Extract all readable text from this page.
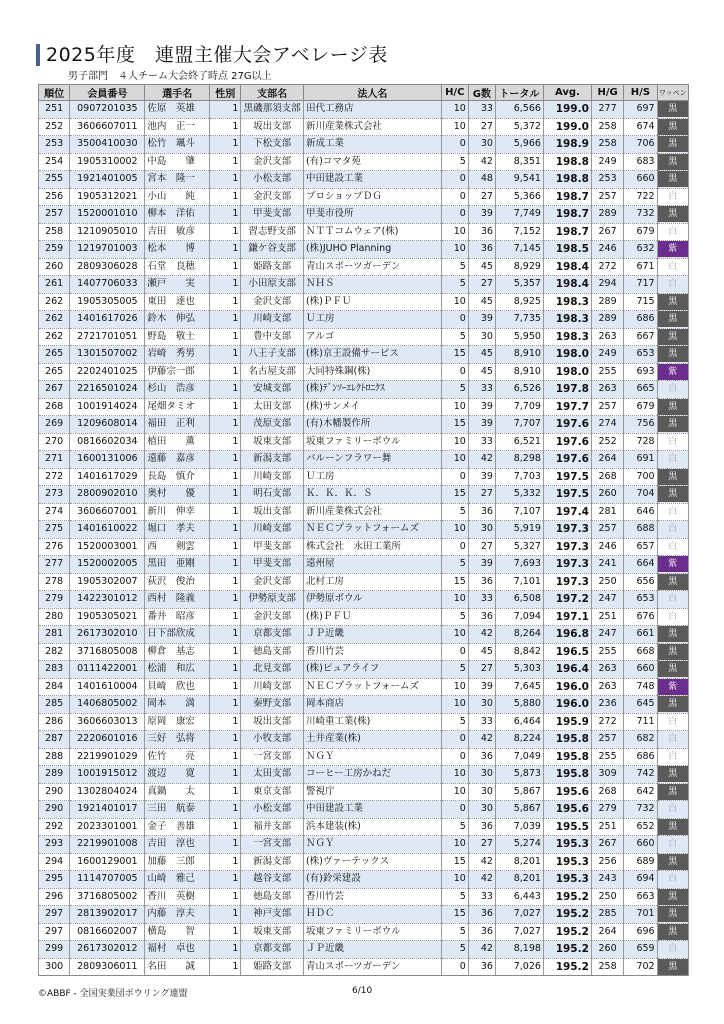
2025年度　連盟主催大会アベレージ表
男子部門　４人チーム大会終了時点 27G以上
順位	会員番号	選手名	性別	支部名	法人名	H/C	G数	トータル	Avg.	H/G	H/S	ワッペン
251	0907201035	佐原　英雄	1	黒磯那須支部	田代工務店	10	33	6,566	199.0	277	697	黒
252	3606607011	池内　正一	1	坂出支部	新川産業株式会社	10	27	5,372	199.0	258	674	黒
253	3500410030	松竹　颯斗	1	下松支部	新成工業	0	30	5,966	198.9	258	706	黒
254	1905310002	中島　　肇	1	金沢支部	(有)コマタ苑	5	42	8,351	198.8	249	683	黒
255	1921401005	宮本　隆一	1	小松支部	中田建設工業	0	48	9,541	198.8	253	660	黒
256	1905312021	小山　　純	1	金沢支部	プロショップＤＧ	0	27	5,366	198.7	257	722	白
257	1520001010	柳本　洋佑	1	甲斐支部	甲斐市役所	0	39	7,749	198.7	289	732	黒
258	1210905010	吉田　敏彦	1	習志野支部	ＮＴＴコムウェア(株)	10	36	7,152	198.7	267	679	白
259	1219701003	松本　　博	1	鎌ケ谷支部	(株)JUHO Planning	10	36	7,145	198.5	246	632	紫
260	2809306028	石堂　良穂	1	姫路支部	青山スポーツガーデン	5	45	8,929	198.4	272	671	白
261	1407706033	瀬戸　　実	1	小田原支部	ＮＨＳ	5	27	5,357	198.4	294	717	白
262	1905305005	東田　達也	1	金沢支部	(株)ＰＦＵ	10	45	8,925	198.3	289	715	黒
262	1401617026	鈴木　伸弘	1	川崎支部	Ｕ工房	0	39	7,735	198.3	289	686	黒
262	2721701051	野島　敬士	1	豊中支部	アルゴ	5	30	5,950	198.3	263	667	黒
265	1301507002	岩崎　秀男	1	八王子支部	(株)京王設備サービス	15	45	8,910	198.0	249	653	黒
265	2202401025	伊藤宗一郎	1	名古屋支部	大同特殊鋼(株)	0	45	8,910	198.0	255	693	紫
267	2216501024	杉山　浩彦	1	安城支部	(株)ﾃﾞﾝｿｰｴﾚｸﾄﾛﾆｸｽ	5	33	6,526	197.8	263	665	白
268	1001914024	尾畑タミオ	1	太田支部	(株)サンメイ	10	39	7,709	197.7	257	679	黒
269	1209608014	福田　正利	1	茂原支部	(有)木幡製作所	15	39	7,707	197.6	274	756	黒
270	0816602034	植田　　薫	1	坂東支部	坂東ファミリーボウル	10	33	6,521	197.6	252	728	白
271	1600131006	遠藤　嘉彦	1	新潟支部	バルーンフラワー舞	10	42	8,298	197.6	264	691	白
272	1401617029	長島　慎介	1	川崎支部	Ｕ工房	0	39	7,703	197.5	268	700	黒
273	2800902010	奥村　　優	1	明石支部	Ｋ．Ｋ．Ｋ．Ｓ	15	27	5,332	197.5	260	704	黒
274	3606607001	新川　伸幸	1	坂出支部	新川産業株式会社	5	36	7,107	197.4	281	646	白
275	1401610022	堀口　孝夫	1	川崎支部	ＮＥＣプラットフォームズ	10	30	5,919	197.3	257	688	白
276	1520003001	西　　剣雲	1	甲斐支部	株式会社　永田工業所	0	27	5,327	197.3	246	657	白
277	1520002005	黒田　亜剛	1	甲斐支部	遠州屋	5	39	7,693	197.3	241	664	紫
278	1905302007	荻沢　俊治	1	金沢支部	北村工房	15	36	7,101	197.3	250	656	黒
279	1422301012	西村　隆義	1	伊勢原支部	伊勢原ボウル	10	33	6,508	197.2	247	653	白
280	1905305021	番井　昭彦	1	金沢支部	(株)ＰＦＵ	5	36	7,094	197.1	251	676	白
281	2617302010	日下部欣成	1	京都支部	ＪＰ近畿	10	42	8,264	196.8	247	661	黒
282	3716805008	柳倉　基志	1	徳島支部	香川竹芸	0	45	8,842	196.5	255	668	黒
283	0111422001	松浦　和広	1	北見支部	(株)ピュアライフ	5	27	5,303	196.4	263	660	黒
284	1401610004	貝崎　欣也	1	川崎支部	ＮＥＣプラットフォームズ	10	39	7,645	196.0	263	748	紫
285	1406805002	岡本　　満	1	秦野支部	岡本商店	10	30	5,880	196.0	236	645	黒
286	3606603013	原岡　康宏	1	坂出支部	川崎重工業(株)	5	33	6,464	195.9	272	711	白
287	2220601016	三好　弘将	1	小牧支部	土井産業(株)	0	42	8,224	195.8	257	682	白
288	2219901029	佐竹　　亮	1	一宮支部	ＮＧＹ	0	36	7,049	195.8	255	686	白
289	1001915012	渡辺　　寛	1	太田支部	コーヒー工房かねだ	10	30	5,873	195.8	309	742	黒
290	1302804024	真鍋　　太	1	東京支部	警視庁	10	30	5,867	195.6	268	642	黒
290	1921401017	三田　航泰	1	小松支部	中田建設工業	0	30	5,867	195.6	279	732	白
292	2023301001	金子　善雄	1	福井支部	浜本建装(株)	5	36	7,039	195.5	251	652	黒
293	2219901008	吉田　淳也	1	一宮支部	ＮＧＹ	10	27	5,274	195.3	267	660	白
294	1600129001	加藤　三郎	1	新潟支部	(株)ヴァーテックス	15	42	8,201	195.3	256	689	黒
295	1114707005	山崎　雅己	1	越谷支部	(有)鈴栄建設	10	42	8,201	195.3	243	694	白
296	3716805002	香川　英樹	1	徳島支部	香川竹芸	5	33	6,443	195.2	250	663	黒
297	2813902017	内藤　淳夫	1	神戸支部	ＨＤＣ	15	36	7,027	195.2	285	701	黒
297	0816602007	横島　　智	1	坂東支部	坂東ファミリーボウル	5	36	7,027	195.2	264	696	黒
299	2617302012	福村　卓也	1	京都支部	ＪＰ近畿	5	42	8,198	195.2	260	659	白
300	2809306011	名田　　誠	1	姫路支部	青山スポーツガーデン	0	36	7,026	195.2	258	702	黒
©ABBF - 全国実業団ボウリング連盟	6/10
